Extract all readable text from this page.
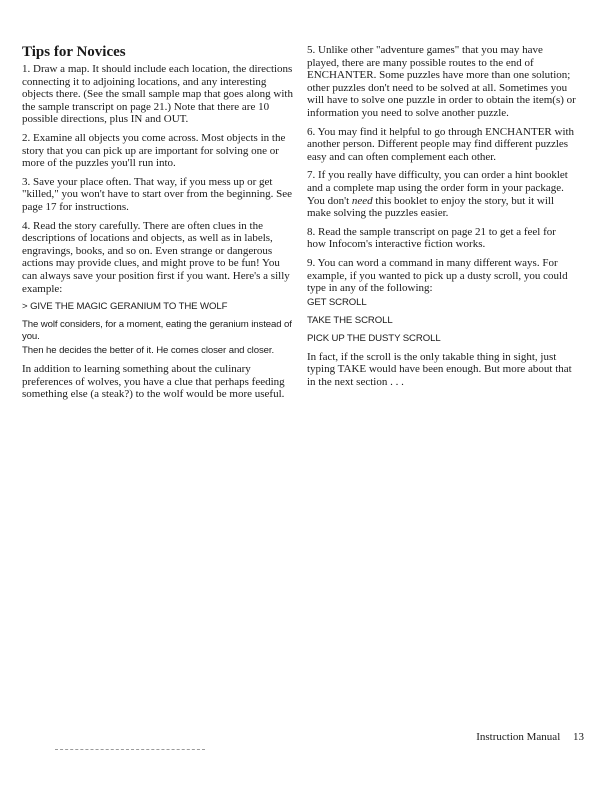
Tips for Novices

1. Draw a map. It should include each location, the directions connecting it to adjoining locations, and any interesting objects there. (See the small sample map that goes along with the sample transcript on page 21.) Note that there are 10 possible directions, plus IN and OUT.

2. Examine all objects you come across. Most objects in the story that you can pick up are important for solving one or more of the puzzles you'll run into.

3. Save your place often. That way, if you mess up or get "killed," you won't have to start over from the beginning. See page 17 for instructions.

4. Read the story carefully. There are often clues in the descriptions of locations and objects, as well as in labels, engravings, books, and so on. Even strange or dangerous actions may provide clues, and might prove to be fun! You can always save your position first if you want. Here's a silly example:

> GIVE THE MAGIC GERANIUM TO THE WOLF

The wolf considers, for a moment, eating the geranium instead of you.

Then he decides the better of it. He comes closer and closer.

In addition to learning something about the culinary preferences of wolves, you have a clue that perhaps feeding something else (a steak?) to the wolf would be more useful.

5. Unlike other "adventure games" that you may have played, there are many possible routes to the end of ENCHANTER. Some puzzles have more than one solution; other puzzles don't need to be solved at all. Sometimes you will have to solve one puzzle in order to obtain the item(s) or information you need to solve another puzzle.

6. You may find it helpful to go through ENCHANTER with another person. Different people may find different puzzles easy and can often complement each other.

7. If you really have difficulty, you can order a hint booklet and a complete map using the order form in your package. You don't need this booklet to enjoy the story, but it will make solving the puzzles easier.

8. Read the sample transcript on page 21 to get a feel for how Infocom's interactive fiction works.

9. You can word a command in many different ways. For example, if you wanted to pick up a dusty scroll, you could type in any of the following:

GET SCROLL

TAKE THE SCROLL

PICK UP THE DUSTY SCROLL

In fact, if the scroll is the only takable thing in sight, just typing TAKE would have been enough. But more about that in the next section . . .

Instruction Manual 13
